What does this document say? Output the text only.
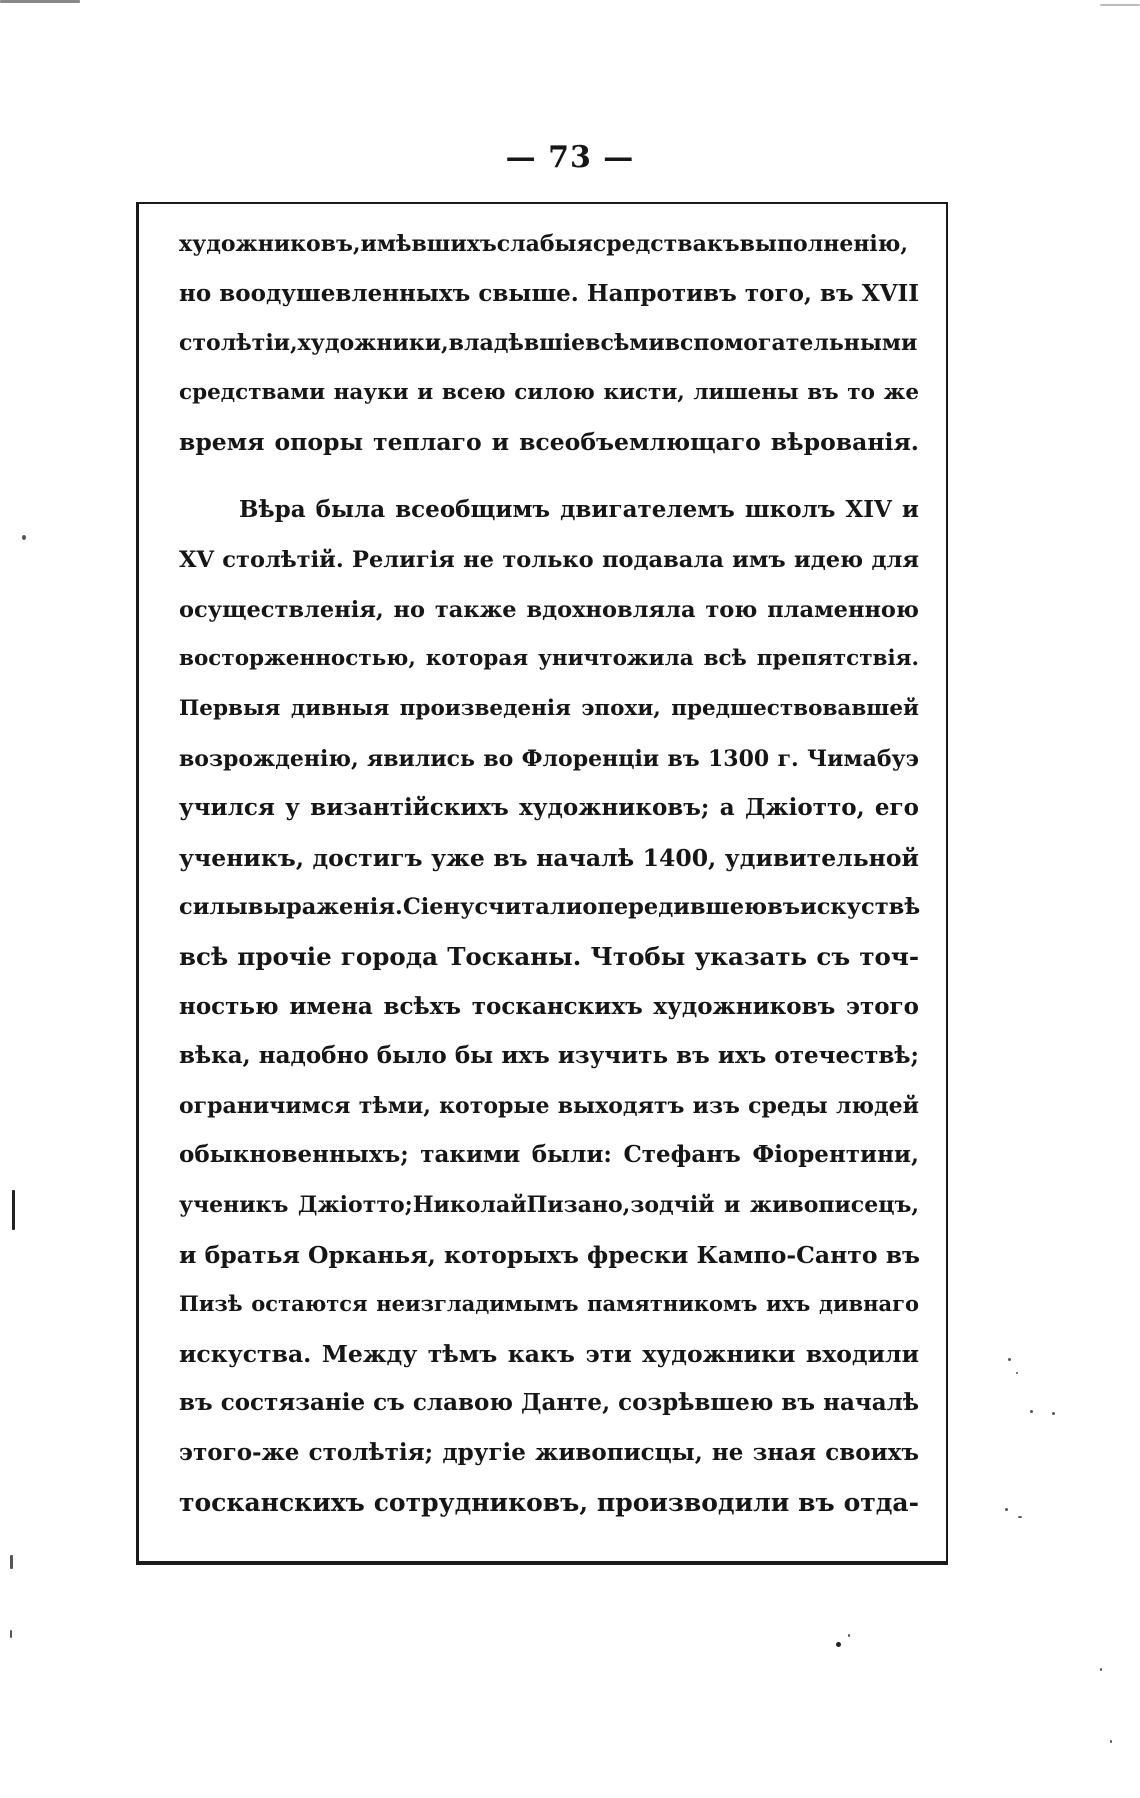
— 73 —
художниковъ,имѣвшихъслабыясредствакъвыполненію,
но воодушевленныхъ свыше. Напротивъ того, въ XVII
столѣтіи,художники,владѣвшіевсѣмивспомогательными
средствами науки и всею силою кисти, лишены въ то же
время опоры теплаго и всеобъемлющаго вѣрованія.
Вѣра была всеобщимъ двигателемъ школъ XIV и
XV столѣтій. Религія не только подавала имъ идею для
осуществленія, но также вдохновляла тою пламенною
восторженностью, которая уничтожила всѣ препятствія.
Первыя дивныя произведенія эпохи, предшествовавшей
возрожденію, явились во Флоренціи въ 1300 г. Чимабуэ
учился у византійскихъ художниковъ; а Джіотто, его
ученикъ, достигъ уже въ началѣ 1400, удивительной
силывыраженія.Сіенусчиталиопередившеювъискуствѣ
всѣ прочіе города Тосканы. Чтобы указать съ точ-
ностью имена всѣхъ тосканскихъ художниковъ этого
вѣка, надобно было бы ихъ изучить въ ихъ отечествѣ;
ограничимся тѣми, которые выходятъ изъ среды людей
обыкновенныхъ; такими были: Стефанъ Фіорентини,
ученикъ Джіотто;НиколайПизано,зодчій и живописецъ,
и братья Орканья, которыхъ фрески Кампо-Санто въ
Пизѣ остаются неизгладимымъ памятникомъ ихъ дивнаго
искуства. Между тѣмъ какъ эти художники входили
въ состязаніе съ славою Данте, созрѣвшею въ началѣ
этого-же столѣтія; другіе живописцы, не зная своихъ
тосканскихъ сотрудниковъ, производили въ отда-
